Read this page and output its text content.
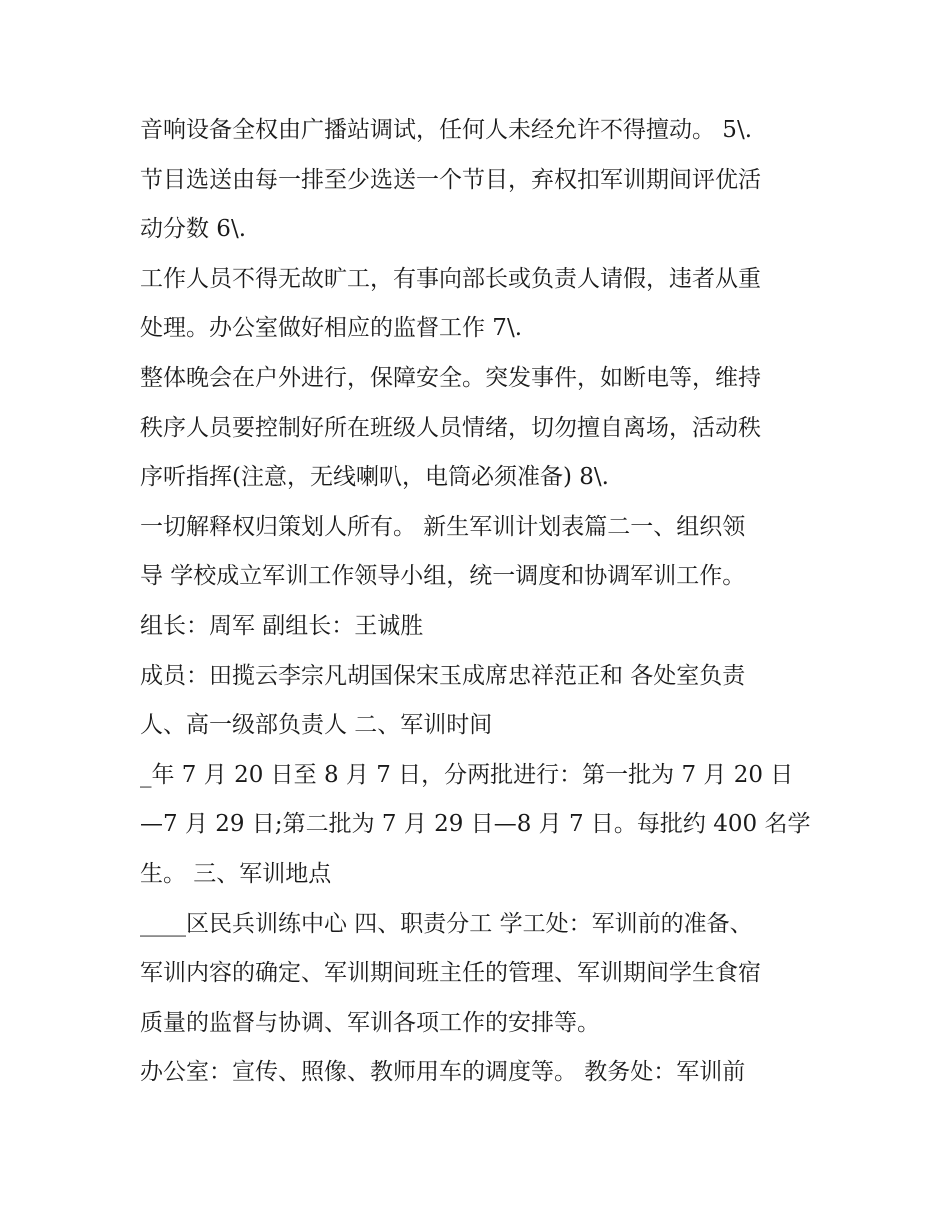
音响设备全权由广播站调试，任何人未经允许不得擅动。 5\.
节目选送由每一排至少选送一个节目，弃权扣军训期间评优活
动分数 6\.
工作人员不得无故旷工，有事向部长或负责人请假，违者从重
处理。办公室做好相应的监督工作 7\.
整体晚会在户外进行，保障安全。突发事件，如断电等，维持
秩序人员要控制好所在班级人员情绪，切勿擅自离场，活动秩
序听指挥(注意，无线喇叭，电筒必须准备) 8\.
一切解释权归策划人所有。 新生军训计划表篇二一、组织领
导 学校成立军训工作领导小组，统一调度和协调军训工作。
组长：周军 副组长：王诚胜
成员：田揽云李宗凡胡国保宋玉成席忠祥范正和 各处室负责
人、高一级部负责人 二、军训时间
_年 7 月 20 日至 8 月 7 日，分两批进行：第一批为 7 月 20 日
—7 月 29 日;第二批为 7 月 29 日—8 月 7 日。每批约 400 名学
生。 三、军训地点
____区民兵训练中心 四、职责分工 学工处：军训前的准备、
军训内容的确定、军训期间班主任的管理、军训期间学生食宿
质量的监督与协调、军训各项工作的安排等。
办公室：宣传、照像、教师用车的调度等。 教务处：军训前
